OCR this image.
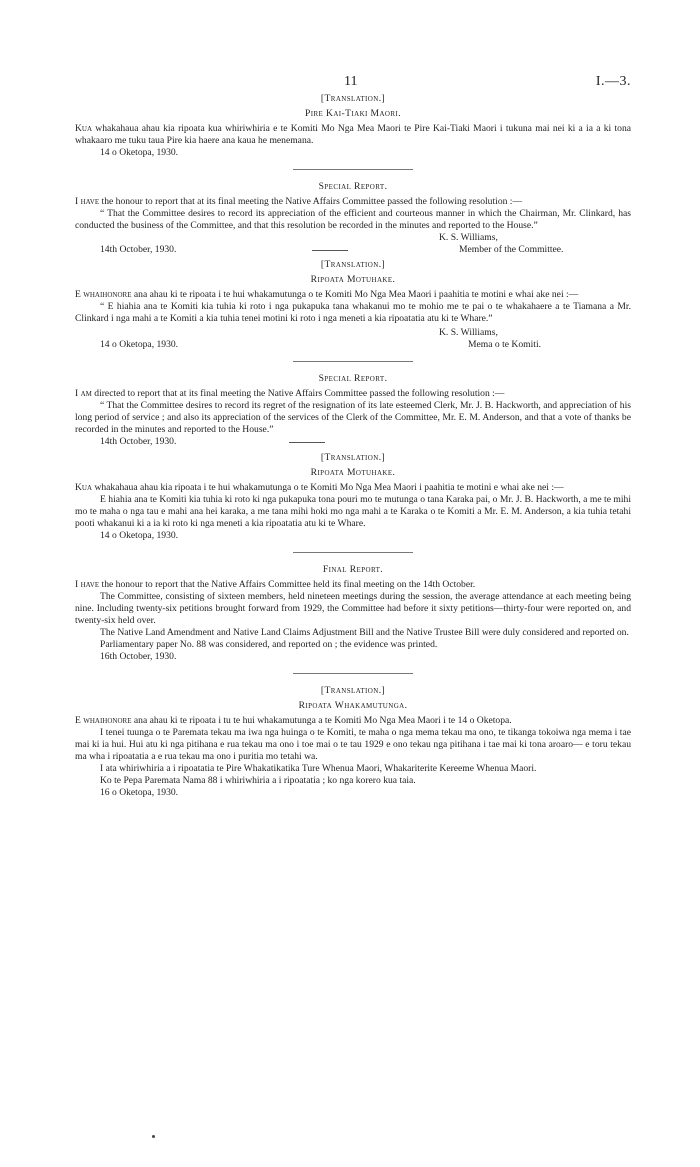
11	I.—3.
[Translation.]
Pire Kai-Tiaki Maori.

Kua whakahaua ahau kia ripoata kua whiriwhiria e te Komiti Mo Nga Mea Maori te Pire Kai-Tiaki Maori i tukuna mai nei ki a ia a ki tona whakaaro me tuku taua Pire kia haere ana kaua he menemana.

14 o Oketopa, 1930.
Special Report.

I have the honour to report that at its final meeting the Native Affairs Committee passed the following resolution :—

“ That the Committee desires to record its appreciation of the efficient and courteous manner in which the Chairman, Mr. Clinkard, has conducted the business of the Committee, and that this resolution be recorded in the minutes and reported to the House.”

K. S. Williams,
14th October, 1930.	Member of the Committee.
[Translation.]
Ripoata Motuhake.

E whaihonore ana ahau ki te ripoata i te hui whakamutunga o te Komiti Mo Nga Mea Maori i paahitia te motini e whai ake nei :—

“ E hiahia ana te Komiti kia tuhia ki roto i nga pukapuka tana whakanui mo te mohio me te pai o te whakahaere a te Tiamana a Mr. Clinkard i nga mahi a te Komiti a kia tuhia tenei motini ki roto i nga meneti a kia ripoatatia atu ki te Whare.”

K. S. Williams,
14 o Oketopa, 1930.	Mema o te Komiti.
Special Report.

I am directed to report that at its final meeting the Native Affairs Committee passed the following resolution :—

“ That the Committee desires to record its regret of the resignation of its late esteemed Clerk, Mr. J. B. Hackworth, and appreciation of his long period of service ; and also its appreciation of the services of the Clerk of the Committee, Mr. E. M. Anderson, and that a vote of thanks be recorded in the minutes and reported to the House.”

14th October, 1930.
[Translation.]
Ripoata Motuhake.

Kua whakahaua ahau kia ripoata i te hui whakamutunga o te Komiti Mo Nga Mea Maori i paahitia te motini e whai ake nei :—

E hiahia ana te Komiti kia tuhia ki roto ki nga pukapuka tona pouri mo te mutunga o tana Karaka pai, o Mr. J. B. Hackworth, a me te mihi mo te maha o nga tau e mahi ana hei karaka, a me tana mihi hoki mo nga mahi a te Karaka o te Komiti a Mr. E. M. Anderson, a kia tuhia tetahi pooti whakanui ki a ia ki roto ki nga meneti a kia ripoatatia atu ki te Whare.

14 o Oketopa, 1930.
Final Report.

I have the honour to report that the Native Affairs Committee held its final meeting on the 14th October.

The Committee, consisting of sixteen members, held nineteen meetings during the session, the average attendance at each meeting being nine. Including twenty-six petitions brought forward from 1929, the Committee had before it sixty petitions—thirty-four were reported on, and twenty-six held over.

The Native Land Amendment and Native Land Claims Adjustment Bill and the Native Trustee Bill were duly considered and reported on.

Parliamentary paper No. 88 was considered, and reported on ; the evidence was printed.

16th October, 1930.
[Translation.]
Ripoata Whakamutunga.

E whaihonore ana ahau ki te ripoata i tu te hui whakamutunga a te Komiti Mo Nga Mea Maori i te 14 o Oketopa.

I tenei tuunga o te Paremata tekau ma iwa nga huinga o te Komiti, te maha o nga mema tekau ma ono, te tikanga tokoiwa nga mema i tae mai ki ia hui. Hui atu ki nga pitihana e rua tekau ma ono i toe mai o te tau 1929 e ono tekau nga pitihana i tae mai ki tona aroaro— e toru tekau ma wha i ripoatatia a e rua tekau ma ono i puritia mo tetahi wa.

I ata whiriwhiria a i ripoatatia te Pire Whakatikatika Ture Whenua Maori, Whakariterite Kereeme Whenua Maori.

Ko te Pepa Paremata Nama 88 i whiriwhiria a i ripoatatia ; ko nga korero kua taia.

16 o Oketopa, 1930.
